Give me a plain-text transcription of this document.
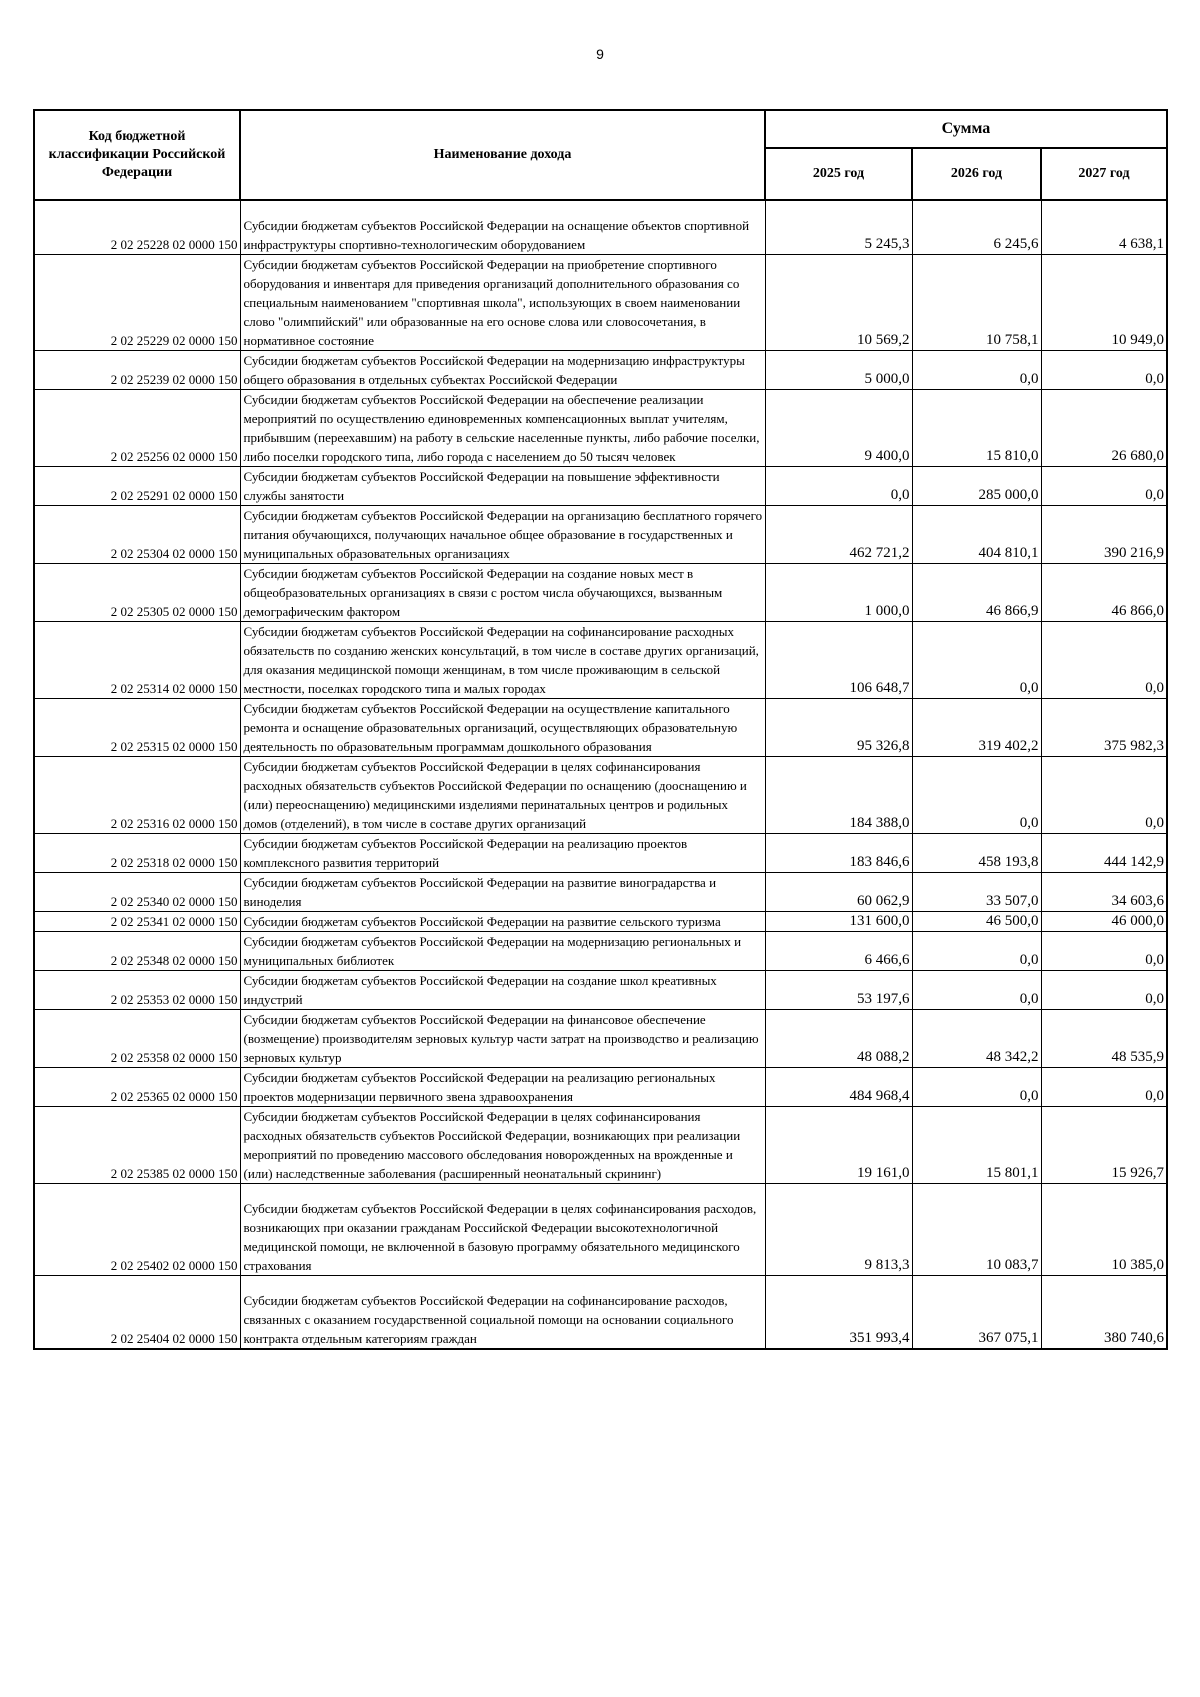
9
Код бюджетной классификации Российской Федерации	Наименование дохода	Сумма		
		2025 год	2026 год	2027 год
2 02 25228 02 0000 150	Субсидии бюджетам субъектов Российской Федерации на оснащение объектов спортивной инфраструктуры спортивно-технологическим оборудованием	5 245,3	6 245,6	4 638,1
2 02 25229 02 0000 150	Субсидии бюджетам субъектов Российской Федерации на приобретение спортивного оборудования и инвентаря для приведения организаций дополнительного образования со специальным наименованием "спортивная школа", использующих в своем наименовании слово "олимпийский" или образованные на его основе слова или словосочетания, в нормативное состояние	10 569,2	10 758,1	10 949,0
2 02 25239 02 0000 150	Субсидии бюджетам субъектов Российской Федерации на модернизацию инфраструктуры общего образования в отдельных субъектах Российской Федерации	5 000,0	0,0	0,0
2 02 25256 02 0000 150	Субсидии бюджетам субъектов Российской Федерации на обеспечение реализации мероприятий по осуществлению единовременных компенсационных выплат учителям, прибывшим (переехавшим) на работу в сельские населенные пункты, либо рабочие поселки, либо поселки городского типа, либо города с населением до 50 тысяч человек	9 400,0	15 810,0	26 680,0
2 02 25291 02 0000 150	Субсидии бюджетам субъектов Российской Федерации на повышение эффективности службы занятости	0,0	285 000,0	0,0
2 02 25304 02 0000 150	Субсидии бюджетам субъектов Российской Федерации на организацию бесплатного горячего питания обучающихся, получающих начальное общее образование в государственных и муниципальных образовательных организациях	462 721,2	404 810,1	390 216,9
2 02 25305 02 0000 150	Субсидии бюджетам субъектов Российской Федерации на создание новых мест в общеобразовательных организациях в связи с ростом числа обучающихся, вызванным демографическим фактором	1 000,0	46 866,9	46 866,0
2 02 25314 02 0000 150	Субсидии бюджетам субъектов Российской Федерации на софинансирование расходных обязательств по созданию женских консультаций, в том числе в составе других организаций, для оказания медицинской помощи женщинам, в том числе проживающим в сельской местности, поселках городского типа и малых городах	106 648,7	0,0	0,0
2 02 25315 02 0000 150	Субсидии бюджетам субъектов Российской Федерации на осуществление капитального ремонта и оснащение образовательных организаций, осуществляющих образовательную деятельность по образовательным программам дошкольного образования	95 326,8	319 402,2	375 982,3
2 02 25316 02 0000 150	Субсидии бюджетам субъектов Российской Федерации в целях софинансирования расходных обязательств субъектов Российской Федерации по оснащению (дооснащению и (или) переоснащению) медицинскими изделиями перинатальных центров и родильных домов (отделений), в том числе в составе других организаций	184 388,0	0,0	0,0
2 02 25318 02 0000 150	Субсидии бюджетам субъектов Российской Федерации на реализацию проектов комплексного развития территорий	183 846,6	458 193,8	444 142,9
2 02 25340 02 0000 150	Субсидии бюджетам субъектов Российской Федерации на развитие виноградарства и виноделия	60 062,9	33 507,0	34 603,6
2 02 25341 02 0000 150	Субсидии бюджетам субъектов Российской Федерации на развитие сельского туризма	131 600,0	46 500,0	46 000,0
2 02 25348 02 0000 150	Субсидии бюджетам субъектов Российской Федерации на модернизацию региональных и муниципальных библиотек	6 466,6	0,0	0,0
2 02 25353 02 0000 150	Субсидии бюджетам субъектов Российской Федерации на создание школ креативных индустрий	53 197,6	0,0	0,0
2 02 25358 02 0000 150	Субсидии бюджетам субъектов Российской Федерации на финансовое обеспечение (возмещение) производителям зерновых культур части затрат на производство и реализацию зерновых культур	48 088,2	48 342,2	48 535,9
2 02 25365 02 0000 150	Субсидии бюджетам субъектов Российской Федерации на реализацию региональных проектов модернизации первичного звена здравоохранения	484 968,4	0,0	0,0
2 02 25385 02 0000 150	Субсидии бюджетам субъектов Российской Федерации в целях софинансирования расходных обязательств субъектов Российской Федерации, возникающих при реализации мероприятий по проведению массового обследования новорожденных на врожденные и (или) наследственные заболевания (расширенный неонатальный скрининг)	19 161,0	15 801,1	15 926,7
2 02 25402 02 0000 150	Субсидии бюджетам субъектов Российской Федерации в целях софинансирования расходов, возникающих при оказании гражданам Российской Федерации высокотехнологичной медицинской помощи, не включенной в базовую программу обязательного медицинского страхования	9 813,3	10 083,7	10 385,0
2 02 25404 02 0000 150	Субсидии бюджетам субъектов Российской Федерации на софинансирование расходов, связанных с оказанием государственной социальной помощи на основании социального контракта отдельным категориям граждан	351 993,4	367 075,1	380 740,6
